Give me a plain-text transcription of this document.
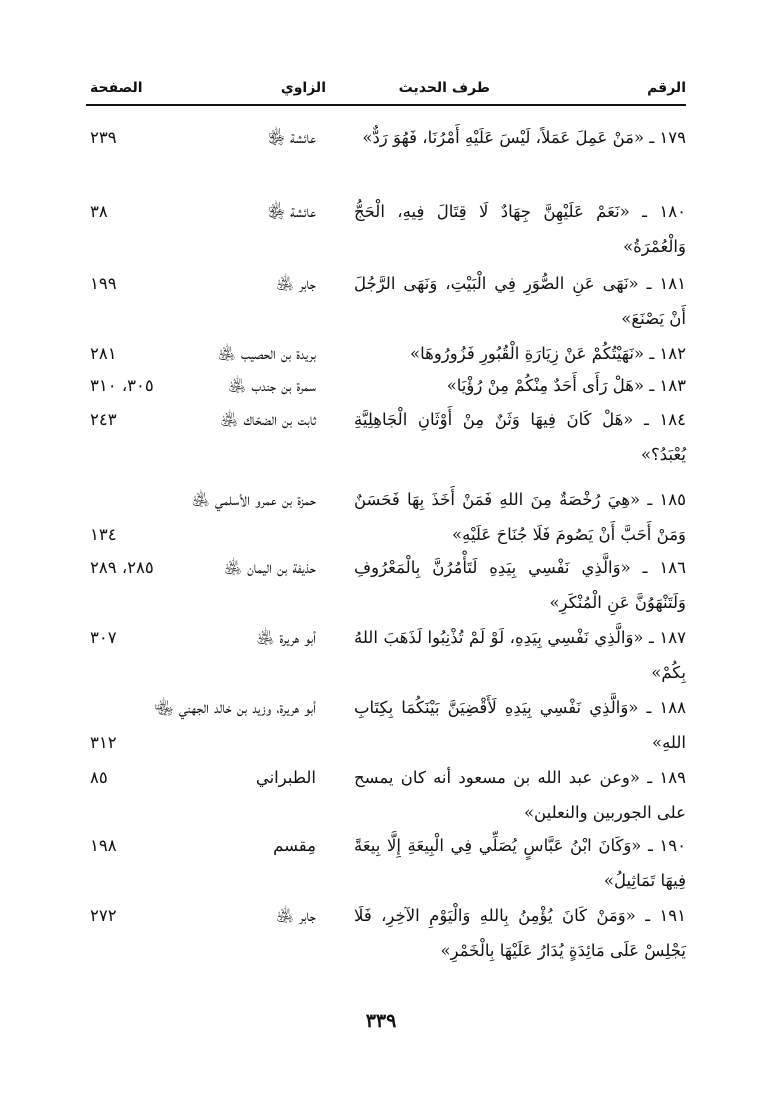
الرقم
طرف الحديث
الزاوي
الصفحة
١٧٩ ـ «مَنْ عَمِلَ عَمَلاً، لَيْسَ عَلَيْهِ أَمْرُنَا، فَهُوَ رَدٌّ»
عائشة ﵂
٢٣٩
١٨٠ ـ «نَعَمْ عَلَيْهِنَّ جِهَادٌ لَا قِتَالَ فِيهِ، الْحَجُّ وَالْعُمْرَةُ»
عائشة ﵂
٣٨
١٨١ ـ «نَهَى عَنِ الصُّوَرِ فِي الْبَيْتِ، وَنَهَى الرَّجُلَ أَنْ يَصْنَعَ»
جابر ﵁
١٩٩
١٨٢ ـ «نَهَيْتُكُمْ عَنْ زِيَارَةِ الْقُبُورِ فَزُورُوهَا»
بريدة بن الحصيب ﵁
٢٨١
١٨٣ ـ «هَلْ رَأَى أَحَدٌ مِنْكُمْ مِنْ رُؤْيَا»
سمرة بن جندب ﵁
٣٠٥، ٣١٠
١٨٤ ـ «هَلْ كَانَ فِيهَا وَثَنٌ مِنْ أَوْثَانِ الْجَاهِلِيَّةِ يُعْبَدُ؟»
ثابت بن الضحّاك ﵁
٢٤٣
١٨٥ ـ «هِيَ رُخْصَةٌ مِنَ اللهِ فَمَنْ أَخَذَ بِهَا فَحَسَنٌ وَمَنْ أَحَبَّ أَنْ يَصُومَ فَلَا جُنَاحَ عَلَيْهِ»
حمزة بن عمرو الأسلمي ﵁
١٣٤
١٨٦ ـ «وَالَّذِي نَفْسِي بِيَدِهِ لَتَأْمُرُنَّ بِالْمَعْرُوفِ وَلَتَنْهَوُنَّ عَنِ الْمُنْكَرِ»
حذيفة بن اليمان ﵁
٢٨٥، ٢٨٩
١٨٧ ـ «وَالَّذِي نَفْسِي بِيَدِهِ، لَوْ لَمْ تُذْنِبُوا لَذَهَبَ اللهُ بِكُمْ»
أبو هريرة ﵁
٣٠٧
١٨٨ ـ «وَالَّذِي نَفْسِي بِيَدِهِ لَأَقْضِيَنَّ بَيْنَكُمَا بِكِتَابِ اللهِ»
أبو هريرة، وزيد بن خالد الجهني ﵄
٣١٢
١٨٩ ـ «وعن عبد الله بن مسعود أنه كان يمسح على الجوربين والنعلين»
الطبراني
٨٥
١٩٠ ـ «وَكَانَ ابْنُ عَبَّاسٍ يُصَلِّي فِي الْبِيعَةِ إِلَّا بِيعَةً فِيهَا تَمَاثِيلُ»
مِقسم
١٩٨
١٩١ ـ «وَمَنْ كَانَ يُؤْمِنُ بِاللهِ وَالْيَوْمِ الآخِرِ، فَلَا يَجْلِسْ عَلَى مَائِدَةٍ يُدَارُ عَلَيْهَا بِالْخَمْرِ»
جابر ﵁
٢٧٢
٣٣٩
